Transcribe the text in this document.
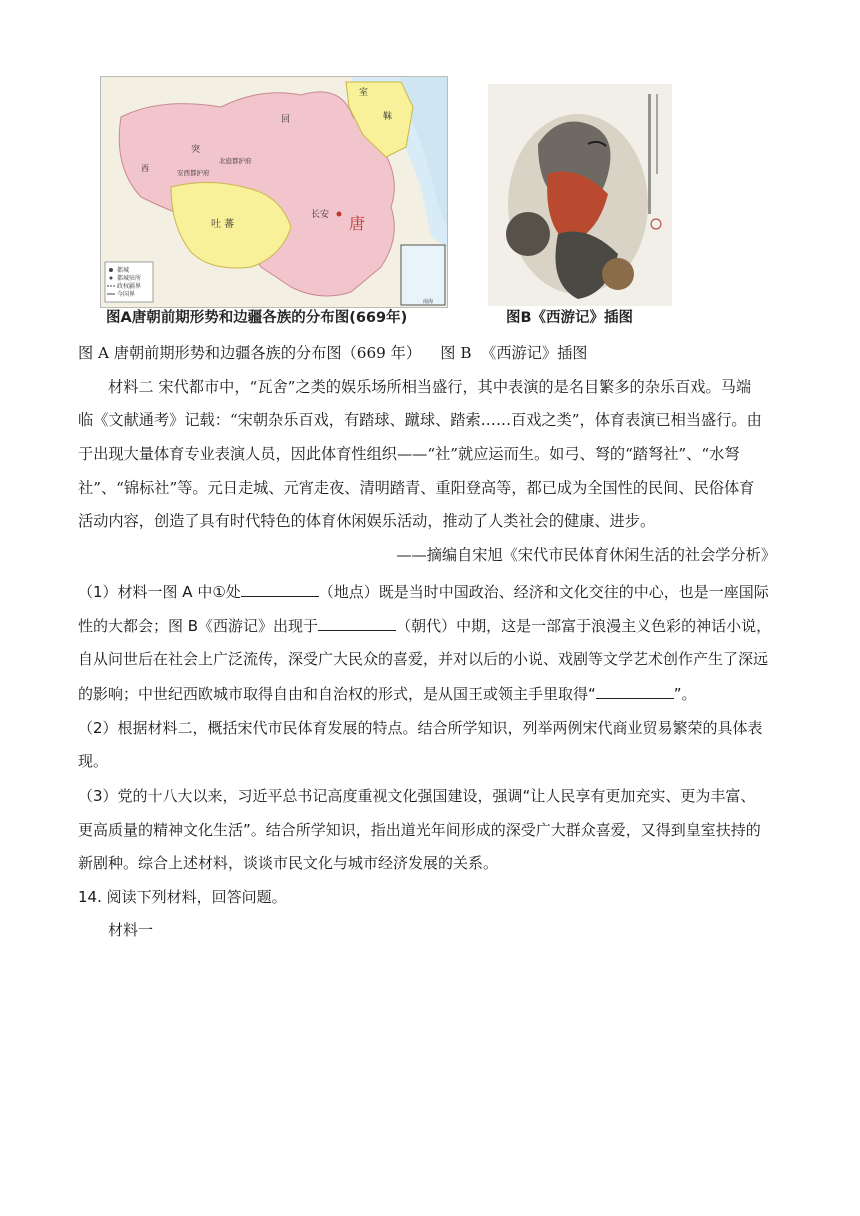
都城
都城驻所
政权疆界
今国界
唐
长安
吐 蕃
突
回
室
靺
北庭都护府
安西都护府
西
南海
图A唐朝前期形势和边疆各族的分布图(669年)	图B《西游记》插图
图 A 唐朝前期形势和边疆各族的分布图（669 年）    图 B  《西游记》插图
材料二 宋代都市中，“瓦舍”之类的娱乐场所相当盛行，其中表演的是名目繁多的杂乐百戏。马端
临《文献通考》记载：“宋朝杂乐百戏，有踏球、蹴球、踏索……百戏之类”，体育表演已相当盛行。由
于出现大量体育专业表演人员，因此体育性组织——“社”就应运而生。如弓、弩的“踏弩社”、“水弩
社”、“锦标社”等。元日走城、元宵走夜、清明踏青、重阳登高等，都已成为全国性的民间、民俗体育
活动内容，创造了具有时代特色的体育休闲娱乐活动，推动了人类社会的健康、进步。
——摘编自宋旭《宋代市民体育休闲生活的社会学分析》
（1）材料一图 A 中①处	（地点）既是当时中国政治、经济和文化交往的中心，也是一座国际
性的大都会；图 B《西游记》出现于	（朝代）中期，这是一部富于浪漫主义色彩的神话小说，
自从问世后在社会上广泛流传，深受广大民众的喜爱，并对以后的小说、戏剧等文学艺术创作产生了深远
的影响；中世纪西欧城市取得自由和自治权的形式，是从国王或领主手里取得“	”。
（2）根据材料二，概括宋代市民体育发展的特点。结合所学知识，列举两例宋代商业贸易繁荣的具体表
现。
（3）党的十八大以来，习近平总书记高度重视文化强国建设，强调“让人民享有更加充实、更为丰富、
更高质量的精神文化生活”。结合所学知识，指出道光年间形成的深受广大群众喜爱，又得到皇室扶持的
新剧种。综合上述材料，谈谈市民文化与城市经济发展的关系。
14. 阅读下列材料，回答问题。
材料一
